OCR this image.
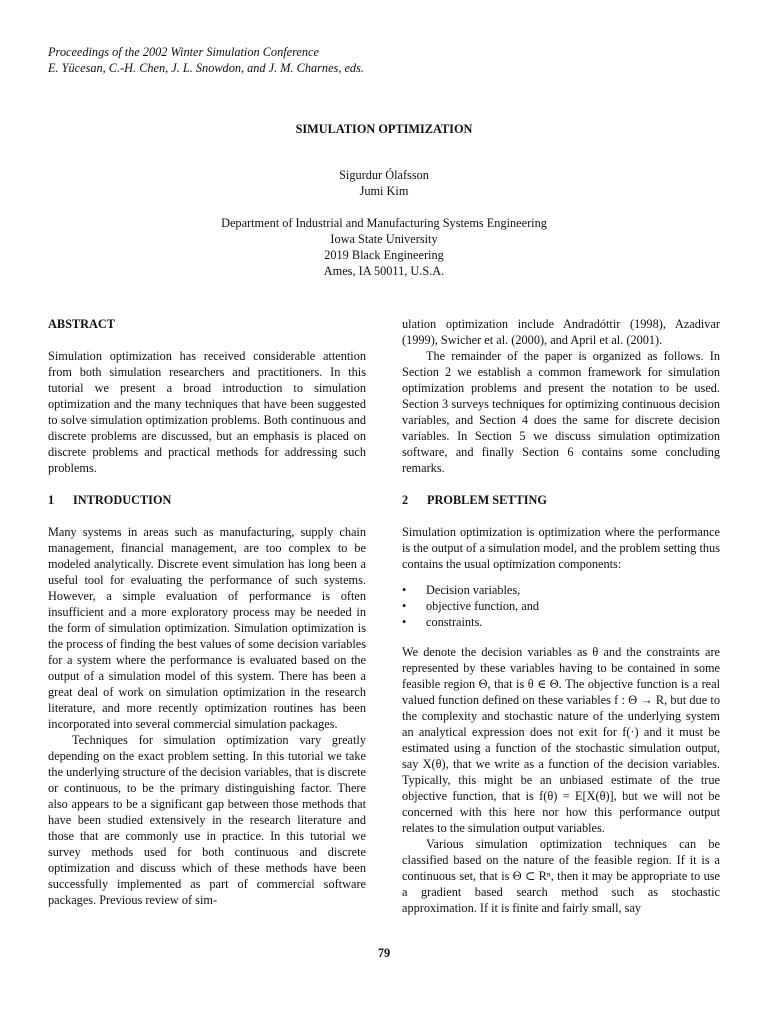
Proceedings of the 2002 Winter Simulation Conference
E. Yücesan, C.-H. Chen, J. L. Snowdon, and J. M. Charnes, eds.
SIMULATION OPTIMIZATION
Sigurdur Ólafsson
Jumi Kim
Department of Industrial and Manufacturing Systems Engineering
Iowa State University
2019 Black Engineering
Ames, IA 50011, U.S.A.
ABSTRACT

Simulation optimization has received considerable attention from both simulation researchers and practitioners. In this tutorial we present a broad introduction to simulation optimization and the many techniques that have been suggested to solve simulation optimization problems. Both continuous and discrete problems are discussed, but an emphasis is placed on discrete problems and practical methods for addressing such problems.

1 INTRODUCTION

Many systems in areas such as manufacturing, supply chain management, financial management, are too complex to be modeled analytically. Discrete event simulation has long been a useful tool for evaluating the performance of such systems. However, a simple evaluation of performance is often insufficient and a more exploratory process may be needed in the form of simulation optimization. Simulation optimization is the process of finding the best values of some decision variables for a system where the performance is evaluated based on the output of a simulation model of this system. There has been a great deal of work on simulation optimization in the research literature, and more recently optimization routines has been incorporated into several commercial simulation packages.

Techniques for simulation optimization vary greatly depending on the exact problem setting. In this tutorial we take the underlying structure of the decision variables, that is discrete or continuous, to be the primary distinguishing factor. There also appears to be a significant gap between those methods that have been studied extensively in the research literature and those that are commonly use in practice. In this tutorial we survey methods used for both continuous and discrete optimization and discuss which of these methods have been successfully implemented as part of commercial software packages. Previous review of sim-

ulation optimization include Andradóttir (1998), Azadivar (1999), Swicher et al. (2000), and April et al. (2001).

The remainder of the paper is organized as follows. In Section 2 we establish a common framework for simulation optimization problems and present the notation to be used. Section 3 surveys techniques for optimizing continuous decision variables, and Section 4 does the same for discrete decision variables. In Section 5 we discuss simulation optimization software, and finally Section 6 contains some concluding remarks.

2 PROBLEM SETTING

Simulation optimization is optimization where the performance is the output of a simulation model, and the problem setting thus contains the usual optimization components:

• Decision variables,
• objective function, and
• constraints.

We denote the decision variables as θ and the constraints are represented by these variables having to be contained in some feasible region Θ, that is θ ∈ Θ. The objective function is a real valued function defined on these variables f : Θ → R, but due to the complexity and stochastic nature of the underlying system an analytical expression does not exit for f(·) and it must be estimated using a function of the stochastic simulation output, say X(θ), that we write as a function of the decision variables. Typically, this might be an unbiased estimate of the true objective function, that is f(θ) = E[X(θ)], but we will not be concerned with this here nor how this performance output relates to the simulation output variables.

Various simulation optimization techniques can be classified based on the nature of the feasible region. If it is a continuous set, that is Θ ⊂ Rⁿ, then it may be appropriate to use a gradient based search method such as stochastic approximation. If it is finite and fairly small, say

79
